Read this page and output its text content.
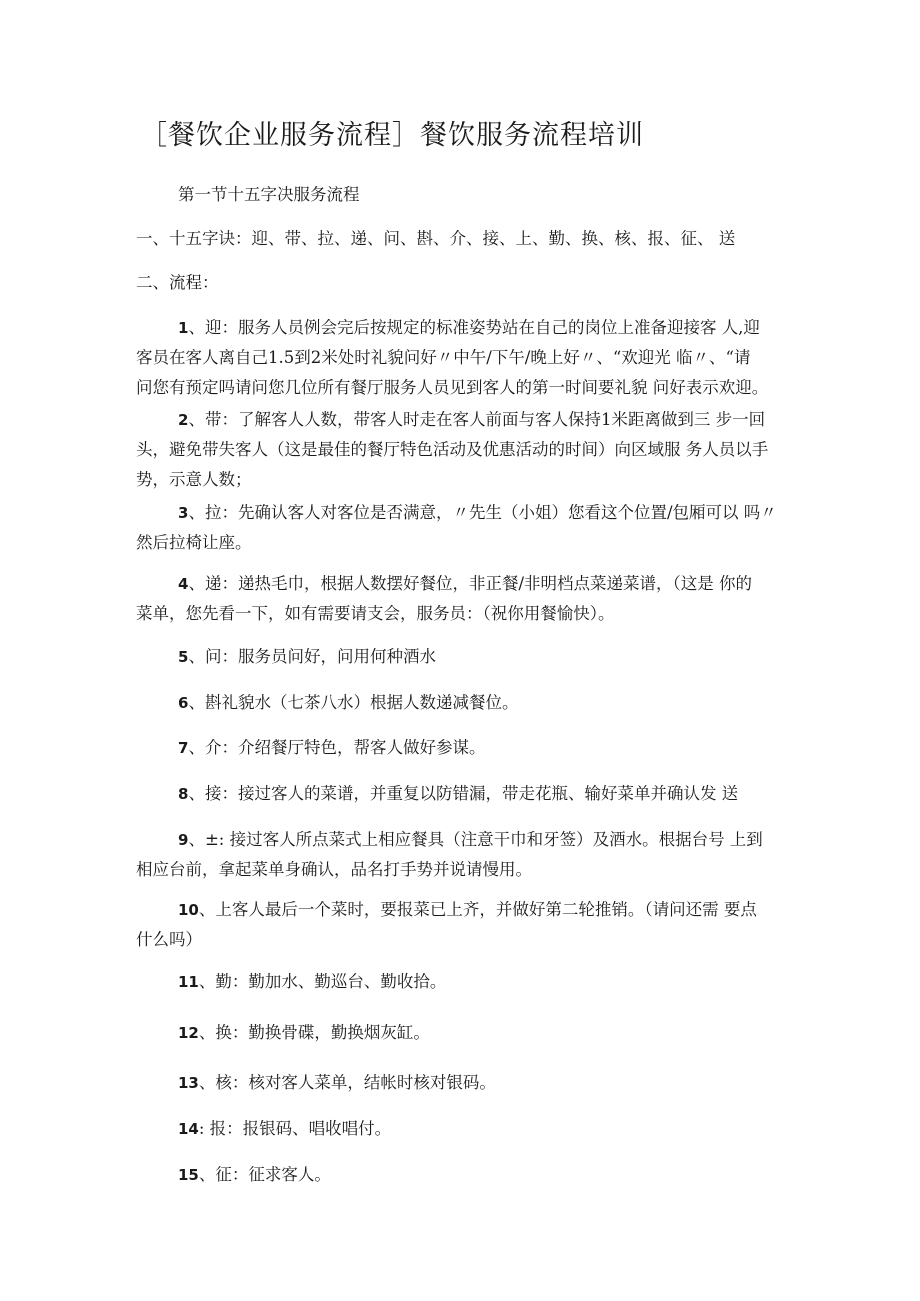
［餐饮企业服务流程］餐饮服务流程培训
第一节十五字决服务流程
一、十五字诀：迎、带、拉、递、问、斟、介、接、上、勤、换、核、报、征、 送
二、流程：
1、迎：服务人员例会完后按规定的标准姿势站在自己的岗位上准备迎接客 人,迎
客员在客人离自己1.5到2米处时礼貌问好〃中午/下午/晚上好〃、“欢迎光 临〃、“请
问您有预定吗请问您几位所有餐厅服务人员见到客人的第一时间要礼貌 问好表示欢迎。
2、带：了解客人人数，带客人时走在客人前面与客人保持1米距离做到三 步一回
头，避免带失客人（这是最佳的餐厅特色活动及优惠活动的时间）向区域服 务人员以手
势，示意人数；
3、拉：先确认客人对客位是否满意，〃先生（小姐）您看这个位置/包厢可以 吗〃
然后拉椅让座。
4、递：递热毛巾，根据人数摆好餐位，非正餐/非明档点菜递菜谱，（这是 你的
菜单，您先看一下，如有需要请支会，服务员：（祝你用餐愉快）。
5、问：服务员问好，问用何种酒水
6、斟礼貌水（七茶八水）根据人数递减餐位。
7、介：介绍餐厅特色，帮客人做好参谋。
8、接：接过客人的菜谱，并重复以防错漏，带走花瓶、输好菜单并确认发 送
9、±: 接过客人所点菜式上相应餐具（注意干巾和牙签）及酒水。根据台号 上到
相应台前，拿起菜单身确认，品名打手势并说请慢用。
10、上客人最后一个菜时，要报菜已上齐，并做好第二轮推销。（请问还需 要点
什么吗）
11、勤：勤加水、勤巡台、勤收拾。
12、换：勤换骨碟，勤换烟灰缸。
13、核：核对客人菜单，结帐时核对银码。
14: 报：报银码、唱收唱付。
15、征：征求客人。
